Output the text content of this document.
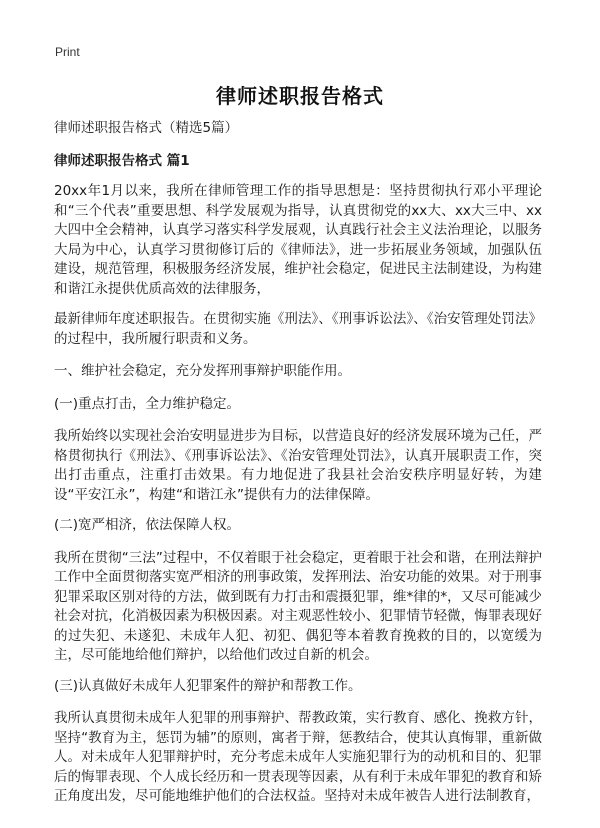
Print
律师述职报告格式
律师述职报告格式（精选5篇）
律师述职报告格式 篇1
20xx年1月以来，我所在律师管理工作的指导思想是：坚持贯彻执行邓小平理论和“三个代表”重要思想、科学发展观为指导，认真贯彻党的xx大、xx大三中、xx大四中全会精神，认真学习落实科学发展观，认真践行社会主义法治理论，以服务大局为中心，认真学习贯彻修订后的《律师法》，进一步拓展业务领域，加强队伍建设，规范管理，积极服务经济发展，维护社会稳定，促进民主法制建设，为构建和谐江永提供优质高效的法律服务，
最新律师年度述职报告。在贯彻实施《刑法》、《刑事诉讼法》、《治安管理处罚法》的过程中，我所履行职责和义务。
一、维护社会稳定，充分发挥刑事辩护职能作用。
(一)重点打击，全力维护稳定。
我所始终以实现社会治安明显进步为目标，以营造良好的经济发展环境为己任，严格贯彻执行《刑法》、《刑事诉讼法》、《治安管理处罚法》，认真开展职责工作，突出打击重点，注重打击效果。有力地促进了我县社会治安秩序明显好转，为建设“平安江永”，构建“和谐江永”提供有力的法律保障。
(二)宽严相济，依法保障人权。
我所在贯彻“三法”过程中，不仅着眼于社会稳定，更着眼于社会和谐，在刑法辩护工作中全面贯彻落实宽严相济的刑事政策，发挥刑法、治安功能的效果。对于刑事犯罪采取区别对待的方法，做到既有力打击和震摄犯罪，维*律的*，又尽可能减少社会对抗，化消极因素为积极因素。对主观恶性较小、犯罪情节轻微，悔罪表现好的过失犯、未遂犯、未成年人犯、初犯、偶犯等本着教育挽救的目的，以宽缓为主，尽可能地给他们辩护，以给他们改过自新的机会。
(三)认真做好未成年人犯罪案件的辩护和帮教工作。
我所认真贯彻未成年人犯罪的刑事辩护、帮教政策，实行教育、感化、挽救方针，坚持“教育为主，惩罚为辅”的原则，寓者于辩，惩教结合，使其认真悔罪，重新做人。对未成年人犯罪辩护时，充分考虑未成年人实施犯罪行为的动机和目的、犯罪后的悔罪表现、个人成长经历和一贯表现等因素，从有利于未成年罪犯的教育和矫正角度出发，尽可能地维护他们的合法权益。坚持对未成年被告人进行法制教育，
